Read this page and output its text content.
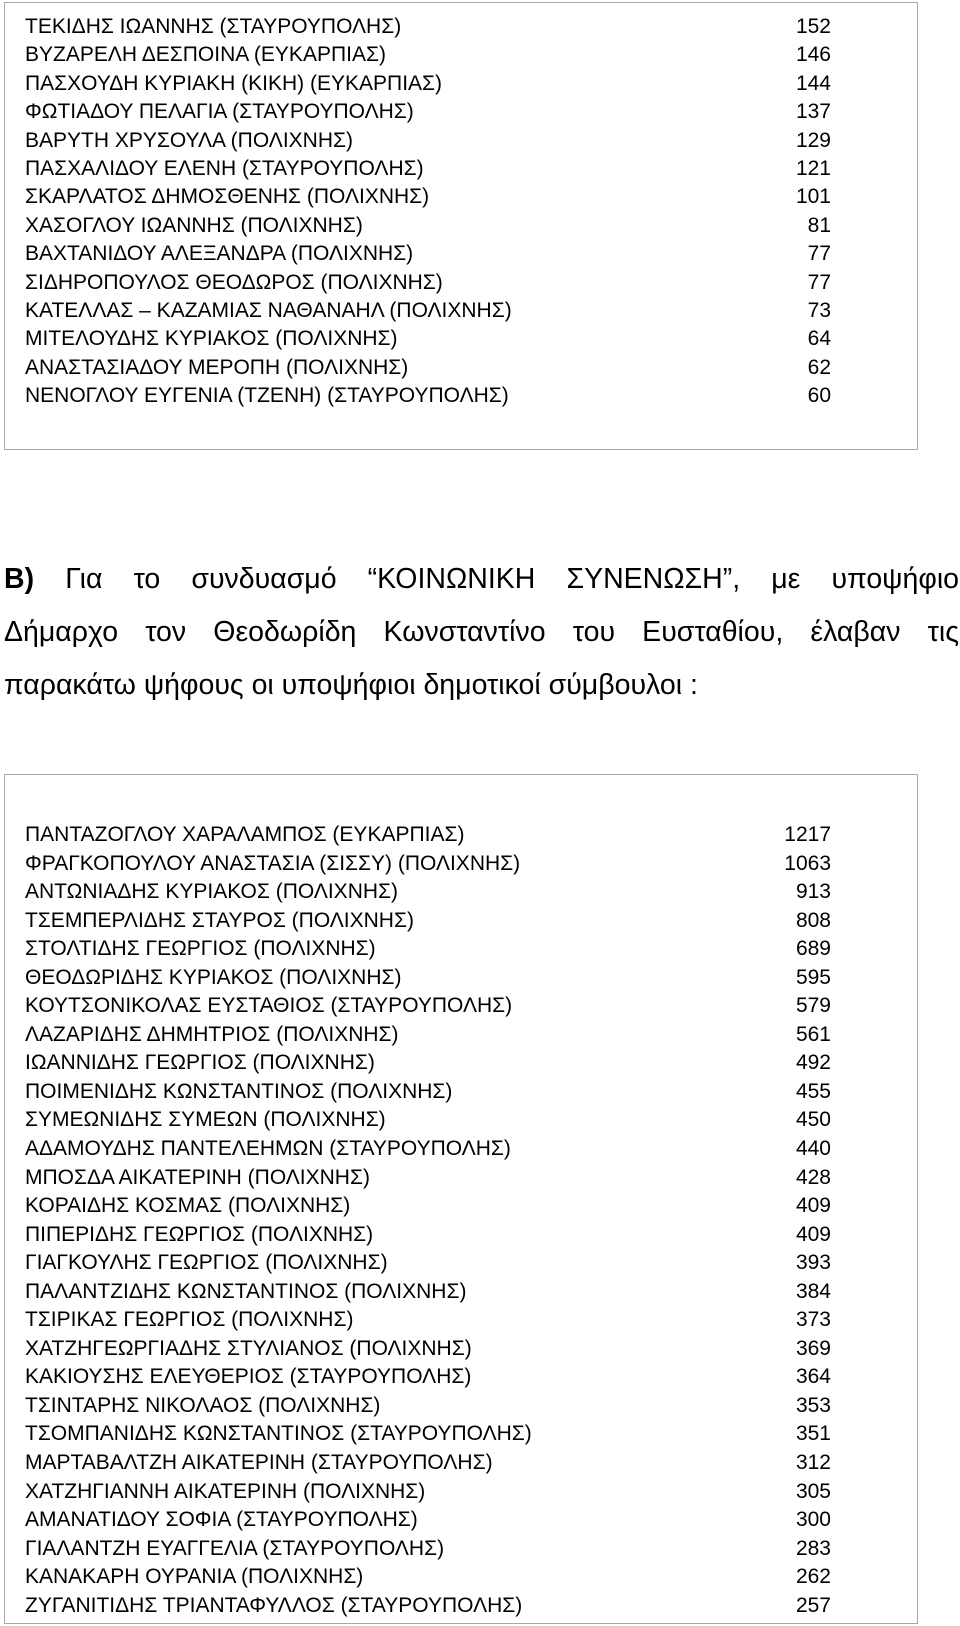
ΤΕΚΙΔΗΣ ΙΩΑΝΝΗΣ (ΣΤΑΥΡΟΥΠΟΛΗΣ)	152
ΒΥΖΑΡΕΛΗ ΔΕΣΠΟΙΝΑ (ΕΥΚΑΡΠΙΑΣ)	146
ΠΑΣΧΟΥΔΗ ΚΥΡΙΑΚΗ (ΚΙΚΗ) (ΕΥΚΑΡΠΙΑΣ)	144
ΦΩΤΙΑΔΟΥ ΠΕΛΑΓΙΑ (ΣΤΑΥΡΟΥΠΟΛΗΣ)	137
ΒΑΡΥΤΗ ΧΡΥΣΟΥΛΑ (ΠΟΛΙΧΝΗΣ)	129
ΠΑΣΧΑΛΙΔΟΥ ΕΛΕΝΗ (ΣΤΑΥΡΟΥΠΟΛΗΣ)	121
ΣΚΑΡΛΑΤΟΣ ΔΗΜΟΣΘΕΝΗΣ (ΠΟΛΙΧΝΗΣ)	101
ΧΑΣΟΓΛΟΥ ΙΩΑΝΝΗΣ (ΠΟΛΙΧΝΗΣ)	81
ΒΑΧΤΑΝΙΔΟΥ ΑΛΕΞΑΝΔΡΑ (ΠΟΛΙΧΝΗΣ)	77
ΣΙΔΗΡΟΠΟΥΛΟΣ ΘΕΟΔΩΡΟΣ (ΠΟΛΙΧΝΗΣ)	77
ΚΑΤΕΛΛΑΣ – ΚΑΖΑΜΙΑΣ ΝΑΘΑΝΑΗΛ (ΠΟΛΙΧΝΗΣ)	73
ΜΙΤΕΛΟΥΔΗΣ ΚΥΡΙΑΚΟΣ (ΠΟΛΙΧΝΗΣ)	64
ΑΝΑΣΤΑΣΙΑΔΟΥ ΜΕΡΟΠΗ (ΠΟΛΙΧΝΗΣ)	62
ΝΕΝΟΓΛΟΥ ΕΥΓΕΝΙΑ (ΤΖΕΝΗ) (ΣΤΑΥΡΟΥΠΟΛΗΣ)	60
Β) Για το συνδυασμό “ΚΟΙΝΩΝΙΚΗ ΣΥΝΕΝΩΣΗ”, με υποψήφιο
Δήμαρχο τον Θεοδωρίδη Κωνσταντίνο του Ευσταθίου, έλαβαν τις
παρακάτω ψήφους οι υποψήφιοι δημοτικοί σύμβουλοι :
ΠΑΝΤΑΖΟΓΛΟΥ ΧΑΡΑΛΑΜΠΟΣ (ΕΥΚΑΡΠΙΑΣ)	1217
ΦΡΑΓΚΟΠΟΥΛΟΥ ΑΝΑΣΤΑΣΙΑ (ΣΙΣΣΥ) (ΠΟΛΙΧΝΗΣ)	1063
ΑΝΤΩΝΙΑΔΗΣ ΚΥΡΙΑΚΟΣ (ΠΟΛΙΧΝΗΣ)	913
ΤΣΕΜΠΕΡΛΙΔΗΣ ΣΤΑΥΡΟΣ (ΠΟΛΙΧΝΗΣ)	808
ΣΤΟΛΤΙΔΗΣ ΓΕΩΡΓΙΟΣ (ΠΟΛΙΧΝΗΣ)	689
ΘΕΟΔΩΡΙΔΗΣ ΚΥΡΙΑΚΟΣ (ΠΟΛΙΧΝΗΣ)	595
ΚΟΥΤΣΟΝΙΚΟΛΑΣ ΕΥΣΤΑΘΙΟΣ (ΣΤΑΥΡΟΥΠΟΛΗΣ)	579
ΛΑΖΑΡΙΔΗΣ ΔΗΜΗΤΡΙΟΣ (ΠΟΛΙΧΝΗΣ)	561
ΙΩΑΝΝΙΔΗΣ ΓΕΩΡΓΙΟΣ (ΠΟΛΙΧΝΗΣ)	492
ΠΟΙΜΕΝΙΔΗΣ ΚΩΝΣΤΑΝΤΙΝΟΣ (ΠΟΛΙΧΝΗΣ)	455
ΣΥΜΕΩΝΙΔΗΣ ΣΥΜΕΩΝ (ΠΟΛΙΧΝΗΣ)	450
ΑΔΑΜΟΥΔΗΣ ΠΑΝΤΕΛΕΗΜΩΝ (ΣΤΑΥΡΟΥΠΟΛΗΣ)	440
ΜΠΟΣΔΑ ΑΙΚΑΤΕΡΙΝΗ (ΠΟΛΙΧΝΗΣ)	428
ΚΟΡΑΙΔΗΣ ΚΟΣΜΑΣ (ΠΟΛΙΧΝΗΣ)	409
ΠΙΠΕΡΙΔΗΣ ΓΕΩΡΓΙΟΣ (ΠΟΛΙΧΝΗΣ)	409
ΓΙΑΓΚΟΥΛΗΣ ΓΕΩΡΓΙΟΣ (ΠΟΛΙΧΝΗΣ)	393
ΠΑΛΑΝΤΖΙΔΗΣ ΚΩΝΣΤΑΝΤΙΝΟΣ (ΠΟΛΙΧΝΗΣ)	384
ΤΣΙΡΙΚΑΣ ΓΕΩΡΓΙΟΣ (ΠΟΛΙΧΝΗΣ)	373
ΧΑΤΖΗΓΕΩΡΓΙΑΔΗΣ ΣΤΥΛΙΑΝΟΣ (ΠΟΛΙΧΝΗΣ)	369
ΚΑΚΙΟΥΣΗΣ ΕΛΕΥΘΕΡΙΟΣ (ΣΤΑΥΡΟΥΠΟΛΗΣ)	364
ΤΣΙΝΤΑΡΗΣ ΝΙΚΟΛΑΟΣ (ΠΟΛΙΧΝΗΣ)	353
ΤΣΟΜΠΑΝΙΔΗΣ ΚΩΝΣΤΑΝΤΙΝΟΣ (ΣΤΑΥΡΟΥΠΟΛΗΣ)	351
ΜΑΡΤΑΒΑΛΤΖΗ ΑΙΚΑΤΕΡΙΝΗ (ΣΤΑΥΡΟΥΠΟΛΗΣ)	312
ΧΑΤΖΗΓΙΑΝΝΗ ΑΙΚΑΤΕΡΙΝΗ (ΠΟΛΙΧΝΗΣ)	305
ΑΜΑΝΑΤΙΔΟΥ ΣΟΦΙΑ (ΣΤΑΥΡΟΥΠΟΛΗΣ)	300
ΓΙΑΛΑΝΤΖΗ ΕΥΑΓΓΕΛΙΑ (ΣΤΑΥΡΟΥΠΟΛΗΣ)	283
ΚΑΝΑΚΑΡΗ ΟΥΡΑΝΙΑ (ΠΟΛΙΧΝΗΣ)	262
ΖΥΓΑΝΙΤΙΔΗΣ ΤΡΙΑΝΤΑΦΥΛΛΟΣ (ΣΤΑΥΡΟΥΠΟΛΗΣ)	257
